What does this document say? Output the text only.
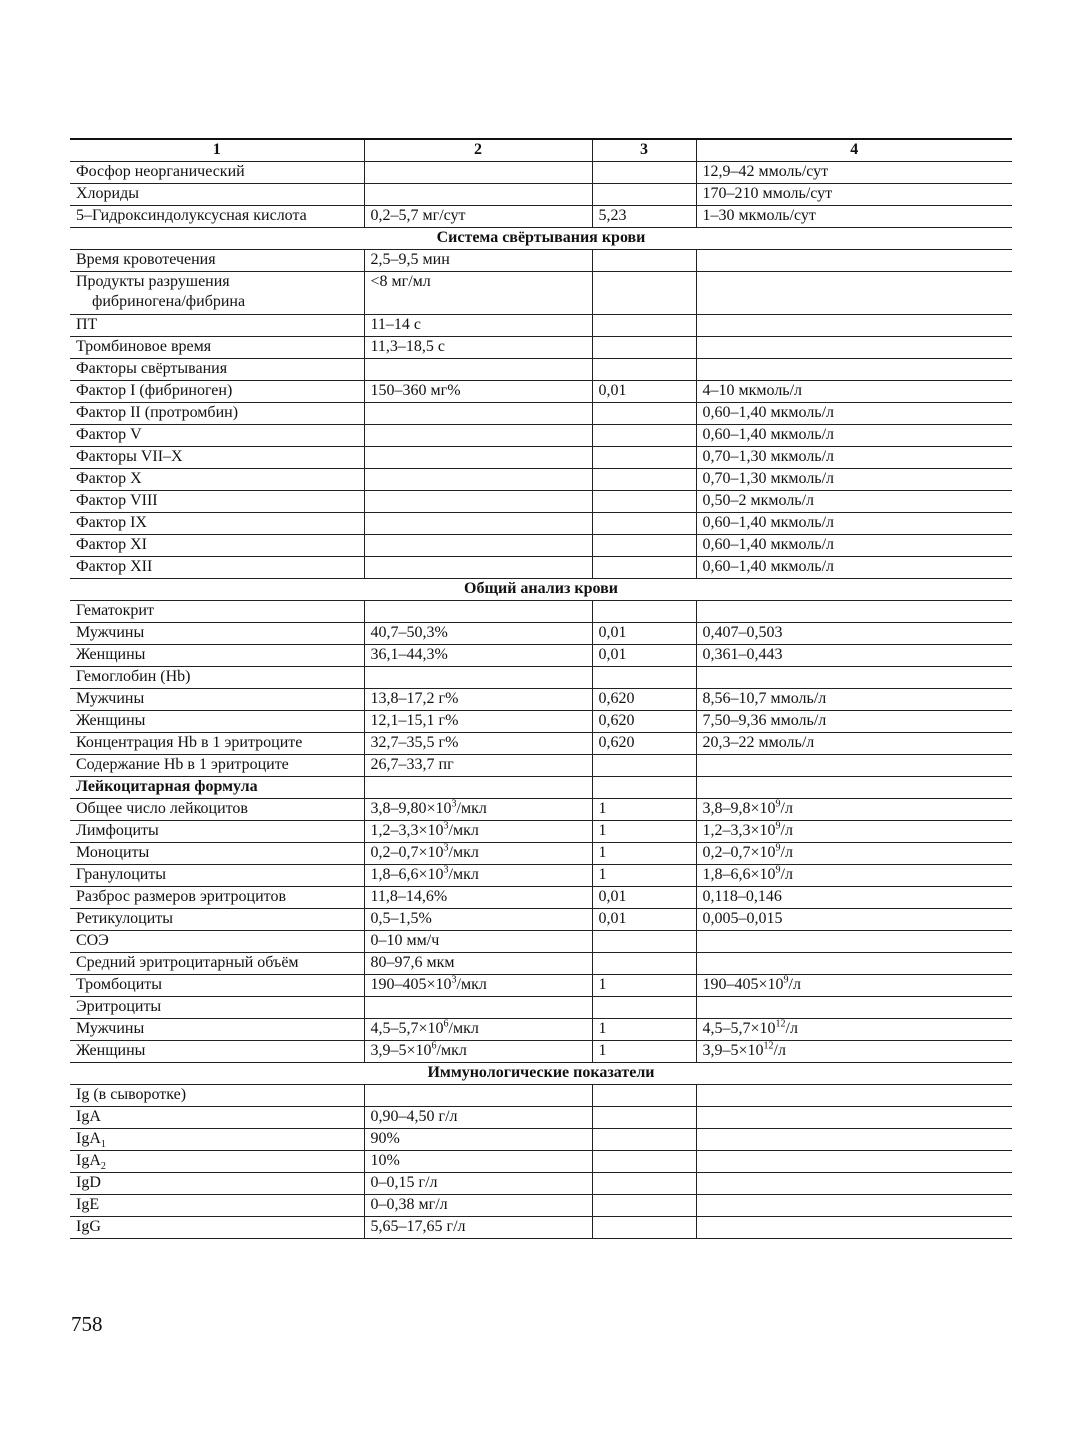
1	2	3	4
Фосфор неорганический			12,9–42 ммоль/сут
Хлориды			170–210 ммоль/сут
5–Гидроксиндолуксусная кислота	0,2–5,7 мг/сут	5,23	1–30 мкмоль/сут
Система свёртывания крови			
Время кровотечения	2,5–9,5 мин		
Продукты разрушения
фибриногена/фибрина	<8 мг/мл		
ПТ	11–14 с		
Тромбиновое время	11,3–18,5 с		
Факторы свёртывания			
Фактор I (фибриноген)	150–360 мг%	0,01	4–10 мкмоль/л
Фактор II (протромбин)			0,60–1,40 мкмоль/л
Фактор V			0,60–1,40 мкмоль/л
Факторы VII–X			0,70–1,30 мкмоль/л
Фактор X			0,70–1,30 мкмоль/л
Фактор VIII			0,50–2 мкмоль/л
Фактор IX			0,60–1,40 мкмоль/л
Фактор XI			0,60–1,40 мкмоль/л
Фактор XII			0,60–1,40 мкмоль/л
Общий анализ крови			
Гематокрит			
Мужчины	40,7–50,3%	0,01	0,407–0,503
Женщины	36,1–44,3%	0,01	0,361–0,443
Гемоглобин (Hb)			
Мужчины	13,8–17,2 г%	0,620	8,56–10,7 ммоль/л
Женщины	12,1–15,1 г%	0,620	7,50–9,36 ммоль/л
Концентрация Hb в 1 эритроците	32,7–35,5 г%	0,620	20,3–22 ммоль/л
Содержание Hb в 1 эритроците	26,7–33,7 пг		
Лейкоцитарная формула			
Общее число лейкоцитов	$3,8-9,80\times 10^3$/мкл	1	$3,8-9,8\times 10^9/л$
Лимфоциты	$1,2-3,3\times 10^3$/мкл	1	$1,2-3,3\times 10^9/л$
Моноциты	$0,2-0,7\times 10^3$/мкл	1	$0,2-0,7\times 10^9/л$
Гранулоциты	$1,8-6,6\times 10^3$/мкл	1	$1,8-6,6\times 10^9/л$
Разброс размеров эритроцитов	11,8–14,6%	0,01	0,118–0,146
Ретикулоциты	0,5–1,5%	0,01	0,005–0,015
СОЭ	0–10 мм/ч		
Средний эритроцитарный объём	80–97,6 мкм		
Тромбоциты	$190-405\times 10^3$/мкл	1	$190-405\times 10^9/л$
Эритроциты			
Мужчины	$4,5-5,7\times 10^6$/мкл	1	$4,5-5,7\times 10^{12}/л$
Женщины	$3,9-5\times 10^6$/мкл	1	$3,9-5\times 10^{12}/л$
Иммунологические показатели			
Ig (в сыворотке)			
IgA	0,90–4,50 г/л		
IgA$_1$	90%		
IgA$_2$	10%		
IgD	0–0,15 г/л		
IgE	0–0,38 мг/л		
IgG	5,65–17,65 г/л		
758
